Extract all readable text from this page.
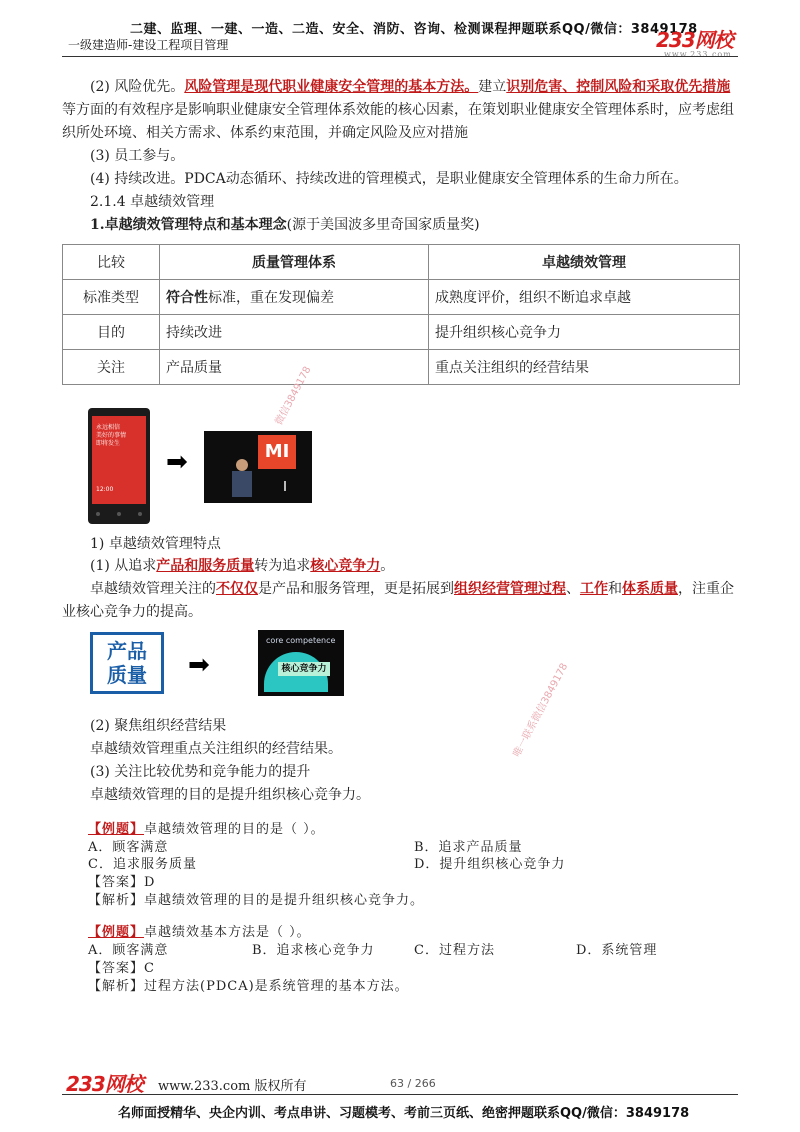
二建、监理、一建、一造、二造、安全、消防、咨询、检测课程押题联系QQ/微信：3849178
一级建造师-建设工程项目管理	233网校
www.233.com
(2) 风险优先。风险管理是现代职业健康安全管理的基本方法。建立识别危害、控制风险和采取优先措施等方面的有效程序是影响职业健康安全管理体系效能的核心因素，在策划职业健康安全管理体系时，应考虑组织所处环境、相关方需求、体系约束范围，并确定风险及应对措施
(3) 员工参与。
(4) 持续改进。PDCA动态循环、持续改进的管理模式，是职业健康安全管理体系的生命力所在。
2.1.4 卓越绩效管理
1.卓越绩效管理特点和基本理念(源于美国波多里奇国家质量奖)
比较	质量管理体系	卓越绩效管理
标准类型	符合性标准，重在发现偏差	成熟度评价，组织不断追求卓越
目的	持续改进	提升组织核心竞争力
关注	产品质量	重点关注组织的经营结果
永远相信
美好的事情
即将发生
12:00
➡	MI
1) 卓越绩效管理特点
(1) 从追求产品和服务质量转为追求核心竞争力。
卓越绩效管理关注的不仅仅是产品和服务管理，更是拓展到组织经营管理过程、工作和体系质量，注重企业核心竞争力的提高。
产品
质量	➡
core competence
核心竞争力
(2) 聚焦组织经营结果
卓越绩效管理重点关注组织的经营结果。
(3) 关注比较优势和竞争能力的提升
卓越绩效管理的目的是提升组织核心竞争力。
【例题】卓越绩效管理的目的是（ ）。
A．顾客满意	B．追求产品质量
C．追求服务质量	D．提升组织核心竞争力
【答案】D
【解析】卓越绩效管理的目的是提升组织核心竞争力。
【例题】卓越绩效基本方法是（ ）。
A．顾客满意	B．追求核心竞争力	C．过程方法	D．系统管理
【答案】C
【解析】过程方法(PDCA)是系统管理的基本方法。
微信3849178
唯一联系微信3849178
233网校 www.233.com 版权所有	63 / 266
名师面授精华、央企内训、考点串讲、习题模考、考前三页纸、绝密押题联系QQ/微信：3849178
